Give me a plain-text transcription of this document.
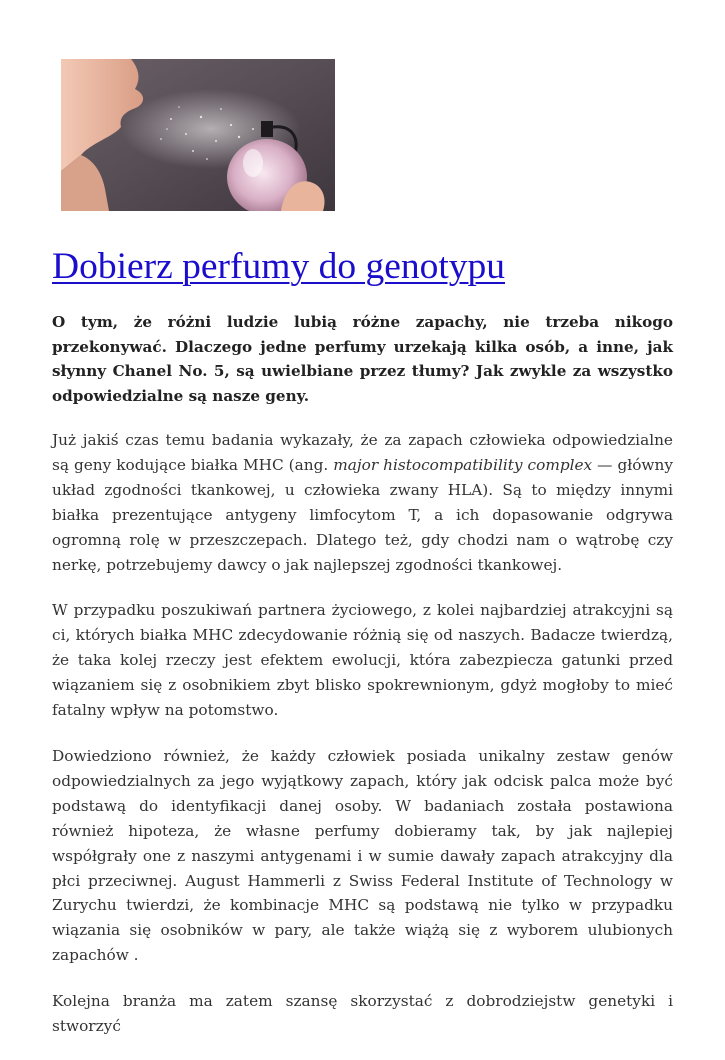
Dobierz perfumy do genotypu

O tym, że różni ludzie lubią różne zapachy, nie trzeba nikogo przekonywać. Dlaczego jedne perfumy urzekają kilka osób, a inne, jak słynny Chanel No. 5, są uwielbiane przez tłumy? Jak zwykle za wszystko odpowiedzialne są nasze geny.

Już jakiś czas temu badania wykazały, że za zapach człowieka odpowiedzialne są geny kodujące białka MHC (ang. major histocompatibility complex — główny układ zgodności tkankowej, u człowieka zwany HLA). Są to między innymi białka prezentujące antygeny limfocytom T, a ich dopasowanie odgrywa ogromną rolę w przeszczepach. Dlatego też, gdy chodzi nam o wątrobę czy nerkę, potrzebujemy dawcy o jak najlepszej zgodności tkankowej.

W przypadku poszukiwań partnera życiowego, z kolei najbardziej atrakcyjni są ci, których białka MHC zdecydowanie różnią się od naszych. Badacze twierdzą, że taka kolej rzeczy jest efektem ewolucji, która zabezpiecza gatunki przed wiązaniem się z osobnikiem zbyt blisko spokrewnionym, gdyż mogłoby to mieć fatalny wpływ na potomstwo.

Dowiedziono również, że każdy człowiek posiada unikalny zestaw genów odpowiedzialnych za jego wyjątkowy zapach, który jak odcisk palca może być podstawą do identyfikacji danej osoby. W badaniach została postawiona również hipoteza, że własne perfumy dobieramy tak, by jak najlepiej współgrały one z naszymi antygenami i w sumie dawały zapach atrakcyjny dla płci przeciwnej. August Hammerli z Swiss Federal Institute of Technology w Zurychu twierdzi, że kombinacje MHC są podstawą nie tylko w przypadku wiązania się osobników w pary, ale także wiążą się z wyborem ulubionych zapachów .

Kolejna branża ma zatem szansę skorzystać z dobrodziejstw genetyki i stworzyć
